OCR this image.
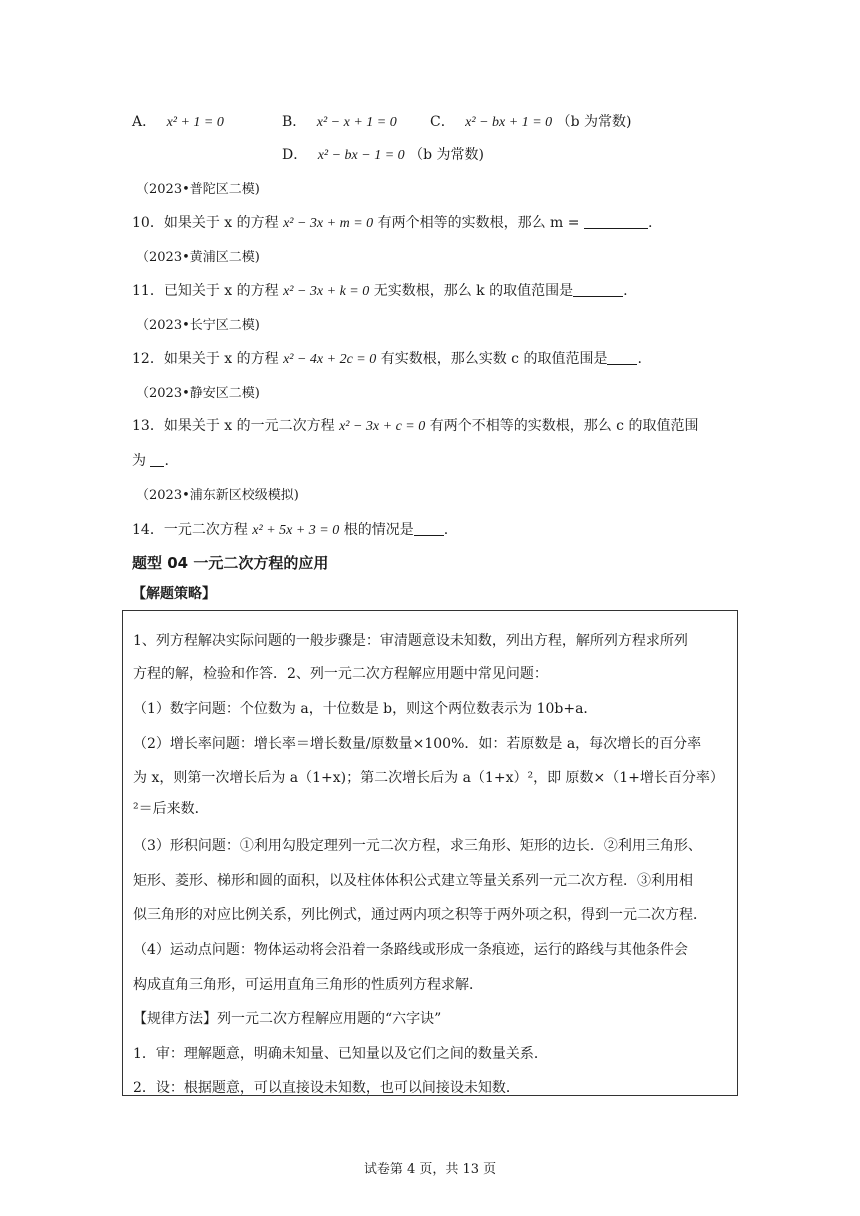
A． x² + 1 = 0	B． x² − x + 1 = 0 C． x² − bx + 1 = 0 （b 为常数)
D． x² − bx − 1 = 0 （b 为常数)
（2023•普陀区二模)
10．如果关于 x 的方程 x² − 3x + m = 0 有两个相等的实数根，那么 m =	.
（2023•黄浦区二模)
11．已知关于 x 的方程 x² − 3x + k = 0 无实数根，那么 k 的取值范围是	.
（2023•长宁区二模)
12．如果关于 x 的方程 x² − 4x + 2c = 0 有实数根，那么实数 c 的取值范围是 .
（2023•静安区二模)
13．如果关于 x 的一元二次方程 x² − 3x + c = 0 有两个不相等的实数根，那么 c 的取值范围
为 .
（2023•浦东新区校级模拟)
14．一元二次方程 x² + 5x + 3 = 0 根的情况是 .
题型 04 一元二次方程的应用
【解题策略】
1、列方程解决实际问题的一般步骤是：审清题意设未知数，列出方程，解所列方程求所列
方程的解，检验和作答．2、列一元二次方程解应用题中常见问题：
（1）数字问题：个位数为 a，十位数是 b，则这个两位数表示为 10b+a．
（2）增长率问题：增长率＝增长数量/原数量×100%．如：若原数是 a，每次增长的百分率
为 x，则第一次增长后为 a（1+x)；第二次增长后为 a（1+x）²，即 原数×（1+增长百分率）
²＝后来数．
（3）形积问题：①利用勾股定理列一元二次方程，求三角形、矩形的边长．②利用三角形、
矩形、菱形、梯形和圆的面积，以及柱体体积公式建立等量关系列一元二次方程．③利用相
似三角形的对应比例关系，列比例式，通过两内项之积等于两外项之积，得到一元二次方程．
（4）运动点问题：物体运动将会沿着一条路线或形成一条痕迹，运行的路线与其他条件会
构成直角三角形，可运用直角三角形的性质列方程求解．
【规律方法】列一元二次方程解应用题的“六字诀”
1．审：理解题意，明确未知量、已知量以及它们之间的数量关系．
2．设：根据题意，可以直接设未知数，也可以间接设未知数．
试卷第 4 页，共 13 页
